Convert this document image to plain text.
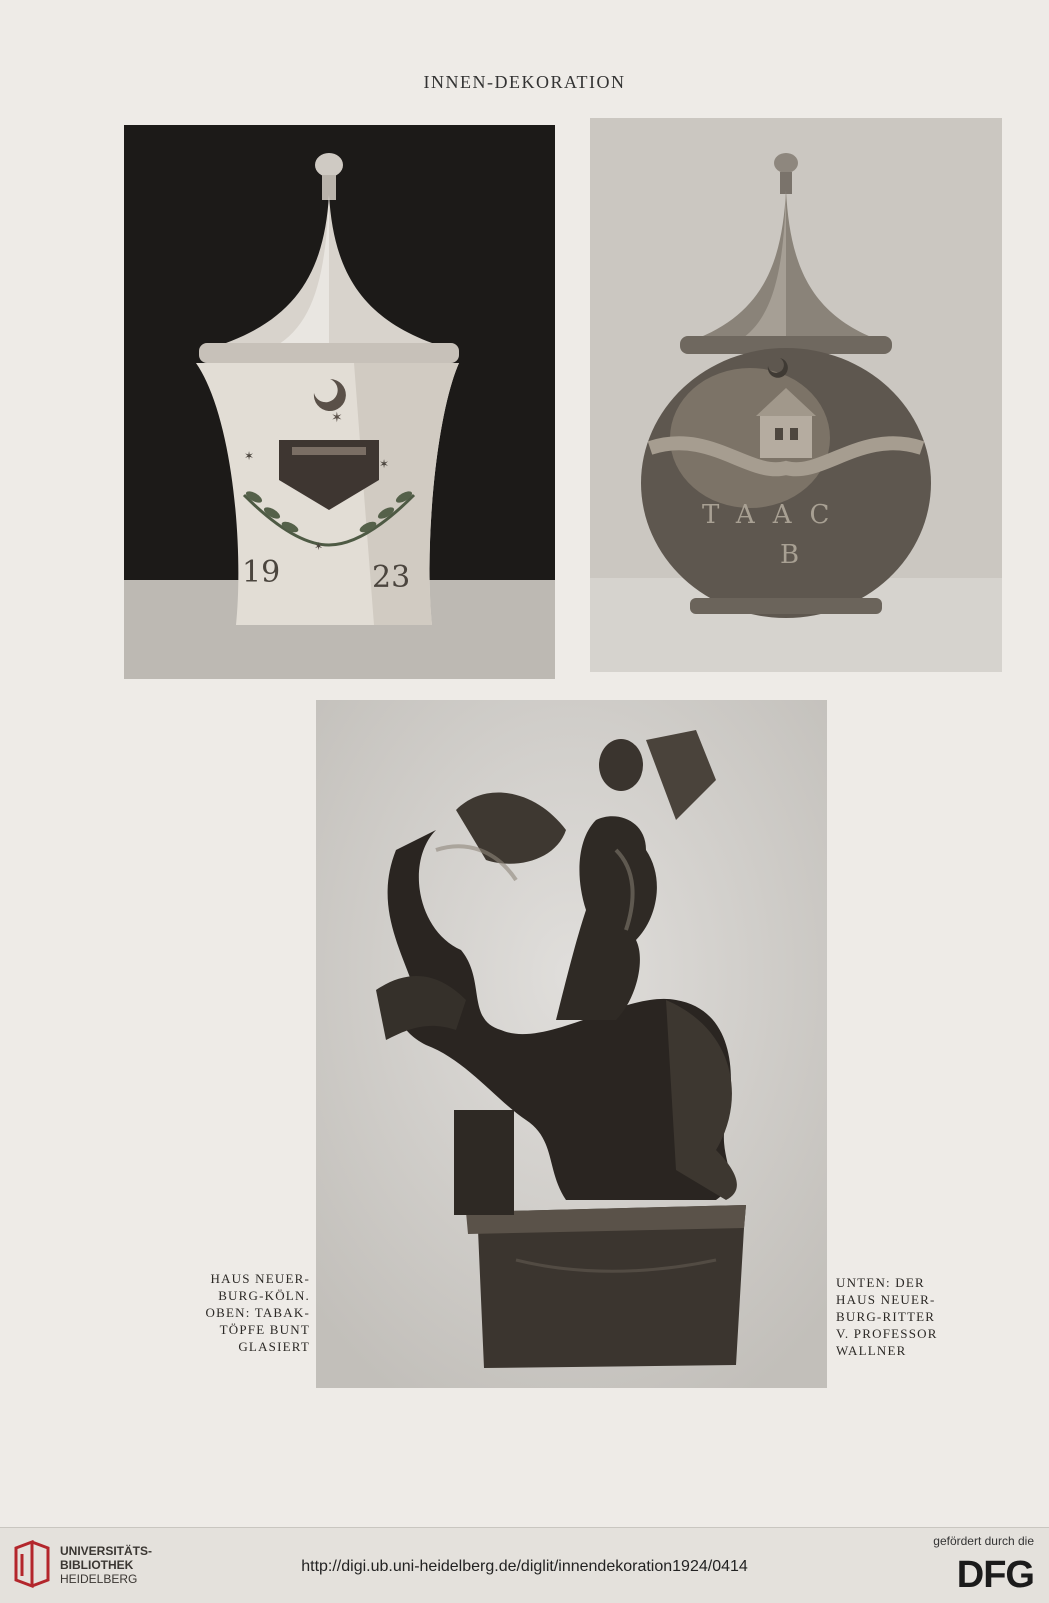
INNEN-DEKORATION
✶
✶
✶
✶
19	23
TAAC
B
HAUS NEUER-
BURG-KÖLN.
OBEN: TABAK-
TÖPFE BUNT
GLASIERT
UNTEN: DER
HAUS NEUER-
BURG-RITTER
V. PROFESSOR
WALLNER
UNIVERSITÄTS-
BIBLIOTHEK
HEIDELBERG
http://digi.ub.uni-heidelberg.de/diglit/innendekoration1924/0414
gefördert durch die
DFG
